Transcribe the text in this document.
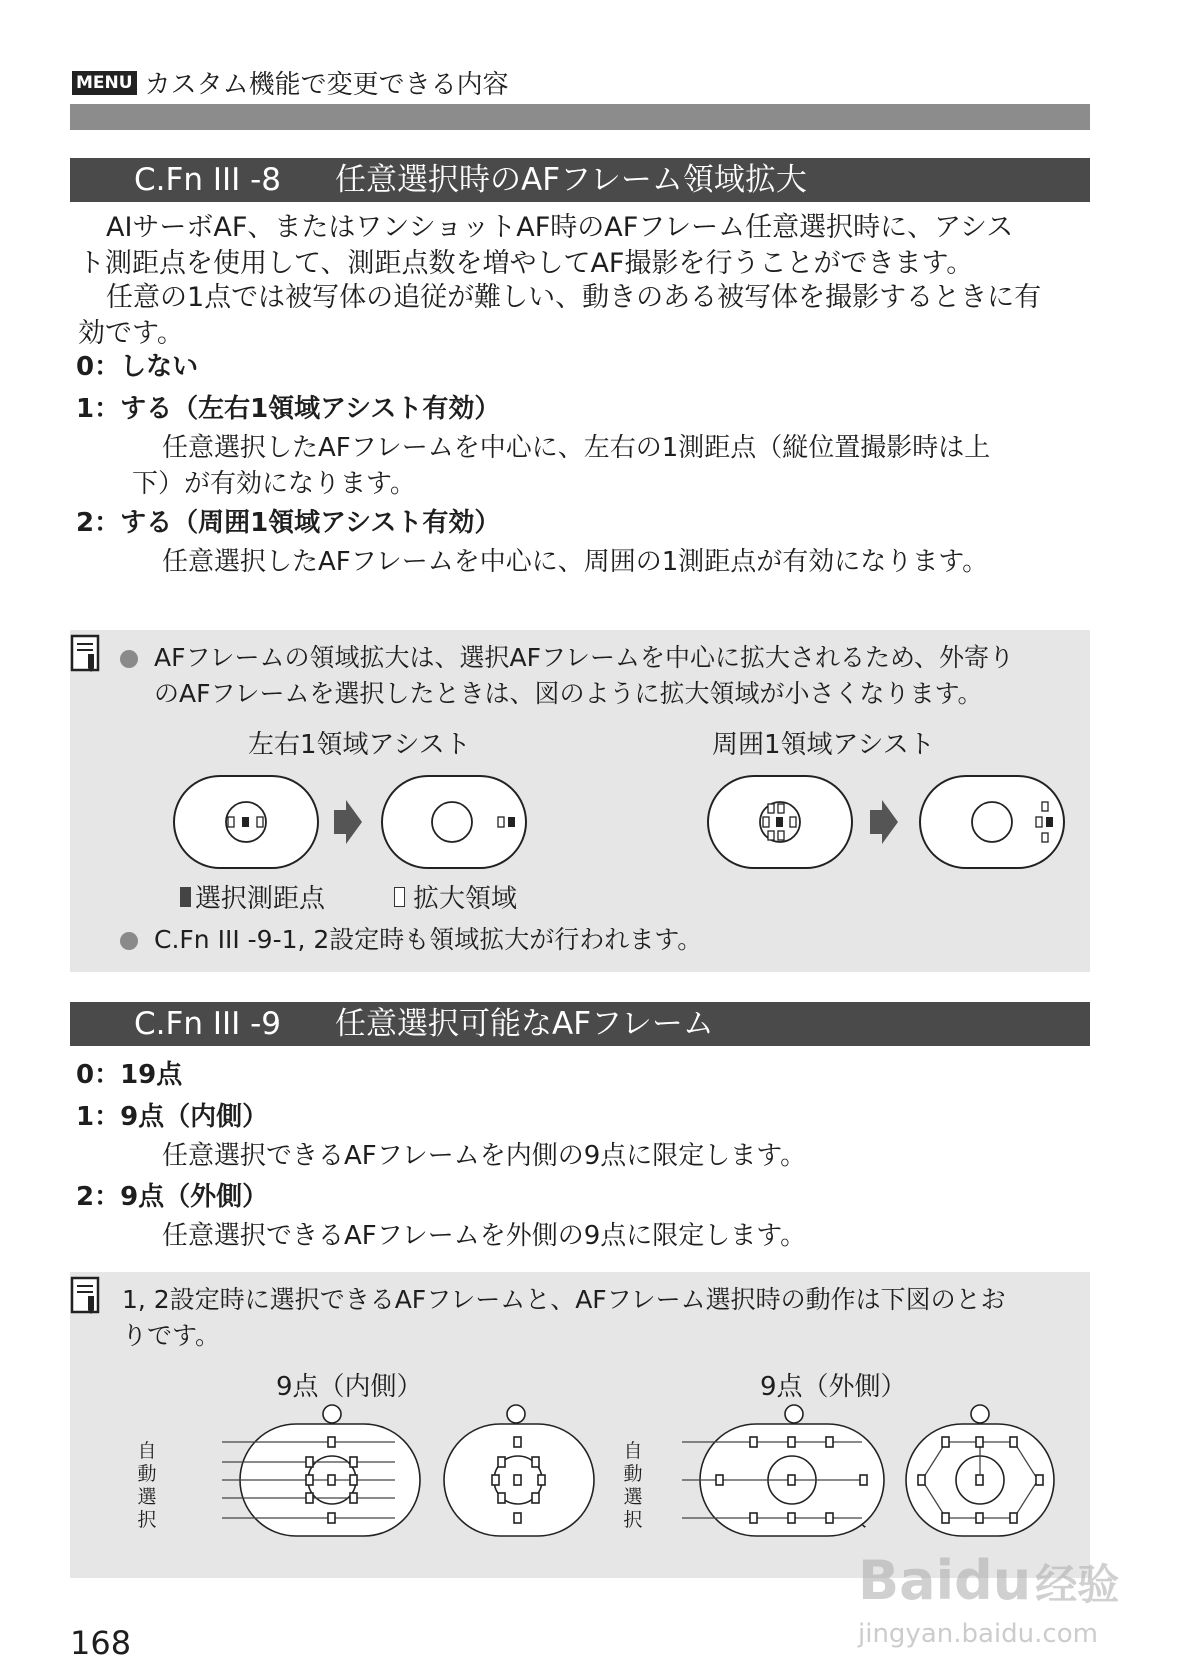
MENU カスタム機能で変更できる内容
C.Fn III -8 任意選択時のAFフレーム領域拡大
AIサーボAF、またはワンショットAF時のAFフレーム任意選択時に、アシス
ト測距点を使用して、測距点数を増やしてAF撮影を行うことができます。
任意の1点では被写体の追従が難しい、動きのある被写体を撮影するときに有
効です。
0：しない
1：する（左右1領域アシスト有効）
任意選択したAFフレームを中心に、左右の1測距点（縦位置撮影時は上
下）が有効になります。
2：する（周囲1領域アシスト有効）
任意選択したAFフレームを中心に、周囲の1測距点が有効になります。
AFフレームの領域拡大は、選択AFフレームを中心に拡大されるため、外寄り
のAFフレームを選択したときは、図のように拡大領域が小さくなります。
左右1領域アシスト	周囲1領域アシスト
選択測距点	拡大領域
C.Fn III -9-1, 2設定時も領域拡大が行われます。
C.Fn III -9 任意選択可能なAFフレーム
0：19点
1：9点（内側）
任意選択できるAFフレームを内側の9点に限定します。
2：9点（外側）
任意選択できるAFフレームを外側の9点に限定します。
1, 2設定時に選択できるAFフレームと、AFフレーム選択時の動作は下図のとお
りです。
9点（内側）	9点（外側）
自
動
選
択
自
動
選
択
168
Baidu经验
jingyan.baidu.com
